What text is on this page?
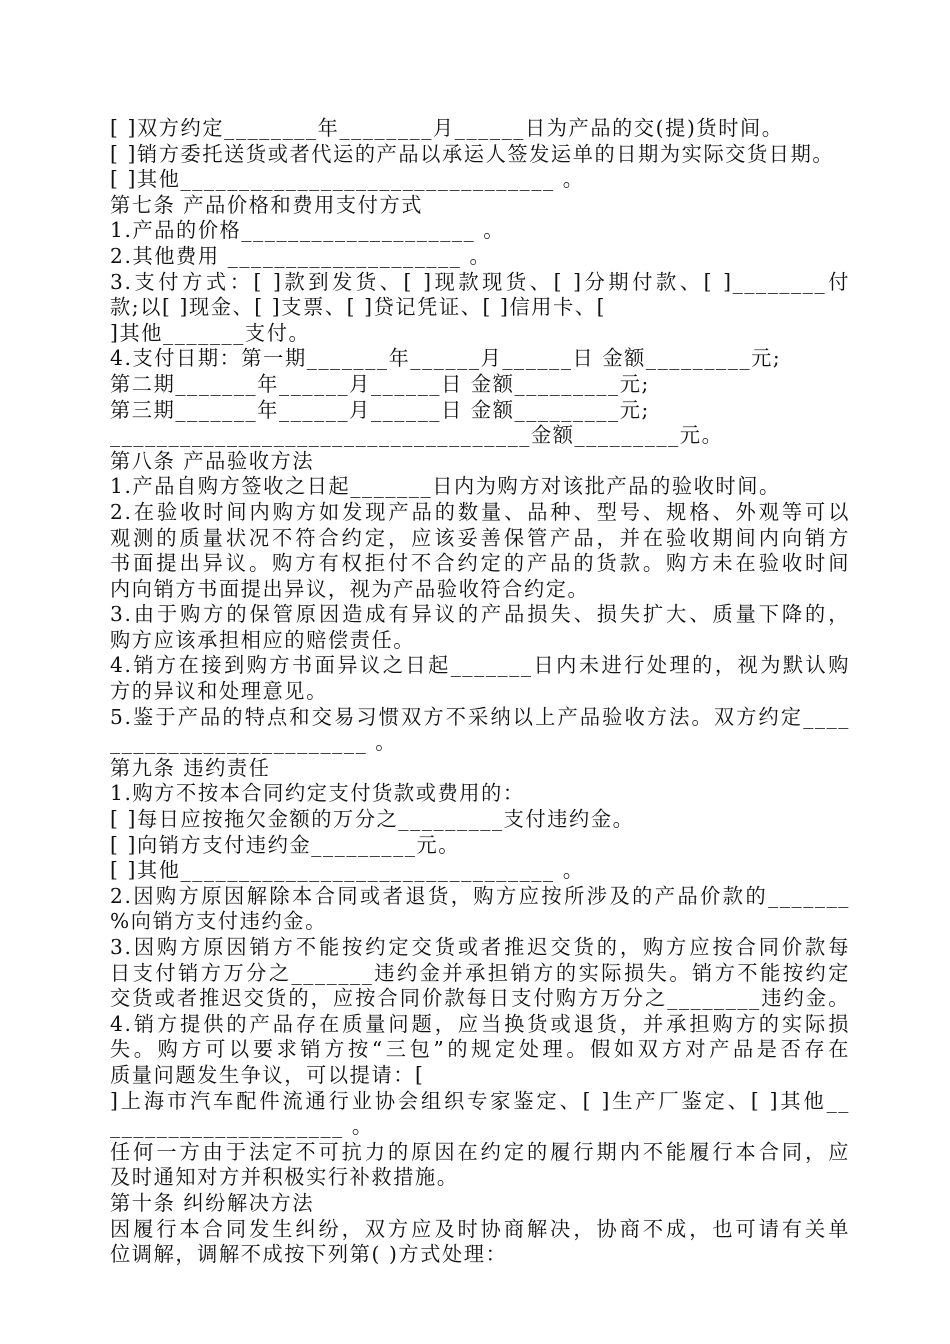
[ ]双方约定________年________月______日为产品的交(提)货时间。
[ ]销方委托送货或者代运的产品以承运人签发运单的日期为实际交货日期。
[ ]其他________________________________ 。
第七条 产品价格和费用支付方式
1.产品的价格____________________ 。
2.其他费用 ____________________ 。
3.支付方式：[ ]款到发货、[ ]现款现货、[ ]分期付款、[ ]________付
款;以[ ]现金、[ ]支票、[ ]贷记凭证、[ ]信用卡、[
]其他_______支付。
4.支付日期：第一期_______年______月______日 金额_________元;
第二期_______年______月______日 金额_________元;
第三期_______年______月______日 金额_________元;
____________________________________金额_________元。
第八条 产品验收方法
1.产品自购方签收之日起_______日内为购方对该批产品的验收时间。
2.在验收时间内购方如发现产品的数量、品种、型号、规格、外观等可以
观测的质量状况不符合约定，应该妥善保管产品，并在验收期间内向销方
书面提出异议。购方有权拒付不合约定的产品的货款。购方未在验收时间
内向销方书面提出异议，视为产品验收符合约定。
3.由于购方的保管原因造成有异议的产品损失、损失扩大、质量下降的，
购方应该承担相应的赔偿责任。
4.销方在接到购方书面异议之日起_______日内未进行处理的，视为默认购
方的异议和处理意见。
5.鉴于产品的特点和交易习惯双方不采纳以上产品验收方法。双方约定____
______________________ 。
第九条 违约责任
1.购方不按本合同约定支付货款或费用的：
[ ]每日应按拖欠金额的万分之_________支付违约金。
[ ]向销方支付违约金_________元。
[ ]其他________________________________ 。
2.因购方原因解除本合同或者退货，购方应按所涉及的产品价款的_______
%向销方支付违约金。
3.因购方原因销方不能按约定交货或者推迟交货的，购方应按合同价款每
日支付销方万分之_______违约金并承担销方的实际损失。销方不能按约定
交货或者推迟交货的，应按合同价款每日支付购方万分之________违约金。
4.销方提供的产品存在质量问题，应当换货或退货，并承担购方的实际损
失。购方可以要求销方按“三包”的规定处理。假如双方对产品是否存在
质量问题发生争议，可以提请：[
]上海市汽车配件流通行业协会组织专家鉴定、[ ]生产厂鉴定、[ ]其他__
____________________ 。
任何一方由于法定不可抗力的原因在约定的履行期内不能履行本合同，应
及时通知对方并积极实行补救措施。
第十条 纠纷解决方法
因履行本合同发生纠纷，双方应及时协商解决，协商不成，也可请有关单
位调解，调解不成按下列第( )方式处理：
